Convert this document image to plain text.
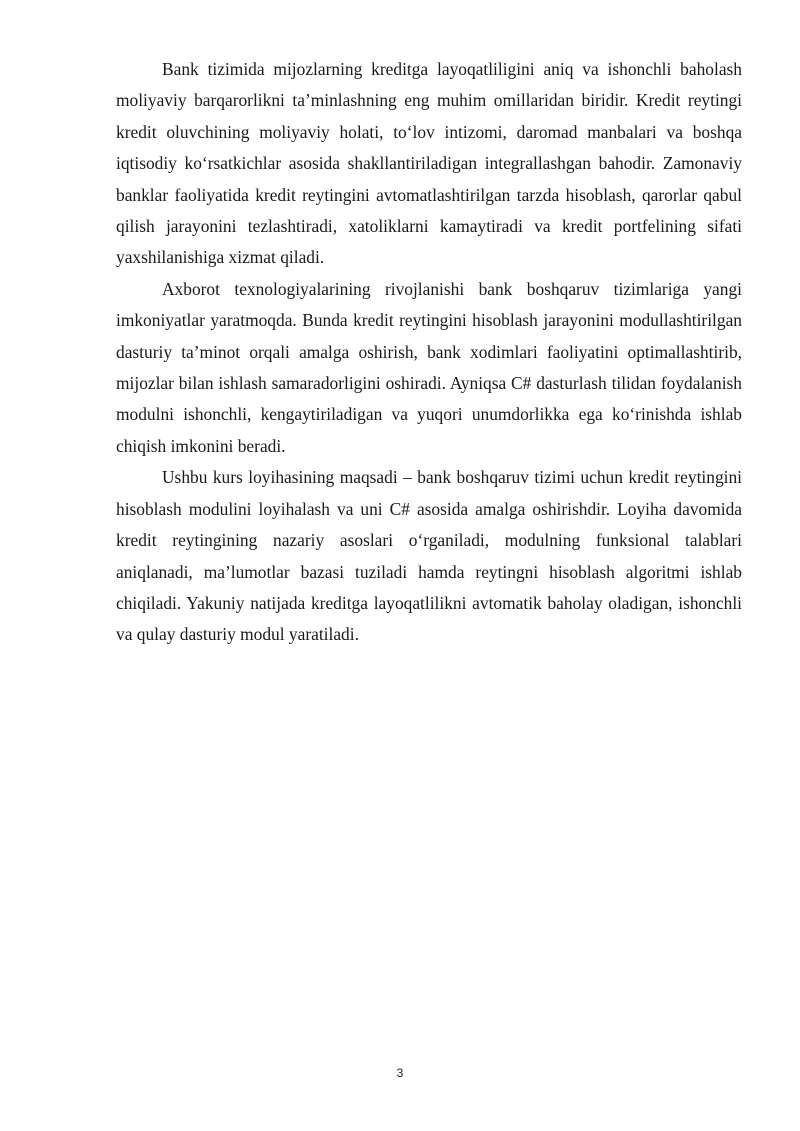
Bank tizimida mijozlarning kreditga layoqatliligini aniq va ishonchli baholash moliyaviy barqarorlikni ta’minlashning eng muhim omillaridan biridir. Kredit reytingi kredit oluvchining moliyaviy holati, to‘lov intizomi, daromad manbalari va boshqa iqtisodiy ko‘rsatkichlar asosida shakllantiriladigan integrallashgan bahodir. Zamonaviy banklar faoliyatida kredit reytingini avtomatlashtirilgan tarzda hisoblash, qarorlar qabul qilish jarayonini tezlashtiradi, xatoliklarni kamaytiradi va kredit portfelining sifati yaxshilanishiga xizmat qiladi.

Axborot texnologiyalarining rivojlanishi bank boshqaruv tizimlariga yangi imkoniyatlar yaratmoqda. Bunda kredit reytingini hisoblash jarayonini modullashtirilgan dasturiy ta’minot orqali amalga oshirish, bank xodimlari faoliyatini optimallashtirib, mijozlar bilan ishlash samaradorligini oshiradi. Ayniqsa C# dasturlash tilidan foydalanish modulni ishonchli, kengaytiriladigan va yuqori unumdorlikka ega ko‘rinishda ishlab chiqish imkonini beradi.

Ushbu kurs loyihasining maqsadi – bank boshqaruv tizimi uchun kredit reytingini hisoblash modulini loyihalash va uni C# asosida amalga oshirishdir. Loyiha davomida kredit reytingining nazariy asoslari o‘rganiladi, modulning funksional talablari aniqlanadi, ma’lumotlar bazasi tuziladi hamda reytingni hisoblash algoritmi ishlab chiqiladi. Yakuniy natijada kreditga layoqatlilikni avtomatik baholay oladigan, ishonchli va qulay dasturiy modul yaratiladi.

3
